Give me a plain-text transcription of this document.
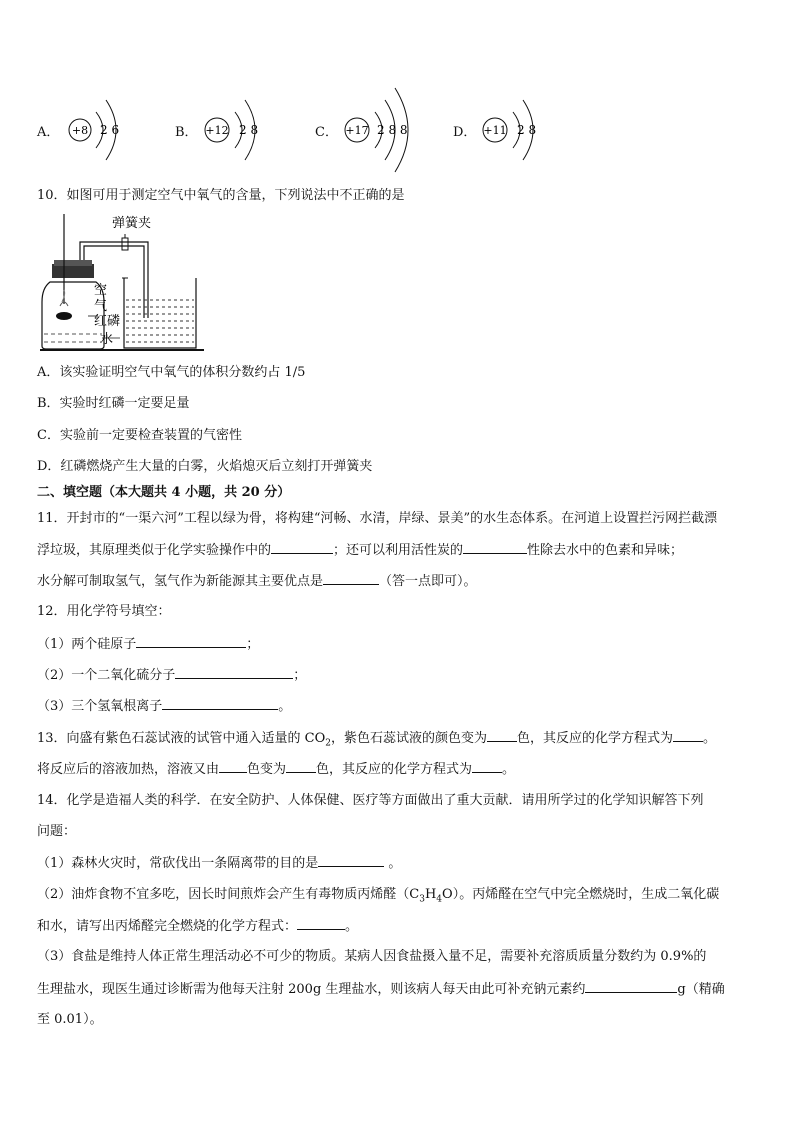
A． +8 2 6	B． +12 2 8	C． +17 2 8 8	D． +11 2 8
10．如图可用于测定空气中氧气的含量，下列说法中不正确的是
弹簧夹
空
气
红磷
水
A．该实验证明空气中氧气的体积分数约占 1/5
B．实验时红磷一定要足量
C．实验前一定要检查装置的气密性
D．红磷燃烧产生大量的白雾，火焰熄灭后立刻打开弹簧夹
二、填空题（本大题共 4 小题，共 20 分）
11．开封市的“一渠六河”工程以绿为骨，将构建“河畅、水清，岸绿、景美”的水生态体系。在河道上设置拦污网拦截漂
浮垃圾，其原理类似于化学实验操作中的	；还可以利用活性炭的	性除去水中的色素和异味；
水分解可制取氢气，氢气作为新能源其主要优点是	（答一点即可）。
12．用化学符号填空：
（1）两个硅原子	；
（2）一个二氧化硫分子	；
（3）三个氢氧根离子	。
13．向盛有紫色石蕊试液的试管中通入适量的 $CO_2$，紫色石蕊试液的颜色变为 色，其反应的化学方程式为 。
将反应后的溶液加热，溶液又由 色变为 色，其反应的化学方程式为 。
14．化学是造福人类的科学．在安全防护、人体保健、医疗等方面做出了重大贡献．请用所学过的化学知识解答下列
问题：
（1）森林火灾时，常砍伐出一条隔离带的目的是	。
（2）油炸食物不宜多吃，因长时间煎炸会产生有毒物质丙烯醛$(C_3H_4O)$。丙烯醛在空气中完全燃烧时，生成二氧化碳
和水，请写出丙烯醛完全燃烧的化学方程式：	。
（3）食盐是维持人体正常生理活动必不可少的物质。某病人因食盐摄入量不足，需要补充溶质质量分数约为 0.9%的
生理盐水，现医生通过诊断需为他每天注射 200g 生理盐水，则该病人每天由此可补充钠元素约	g（精确
至 0.01）。
